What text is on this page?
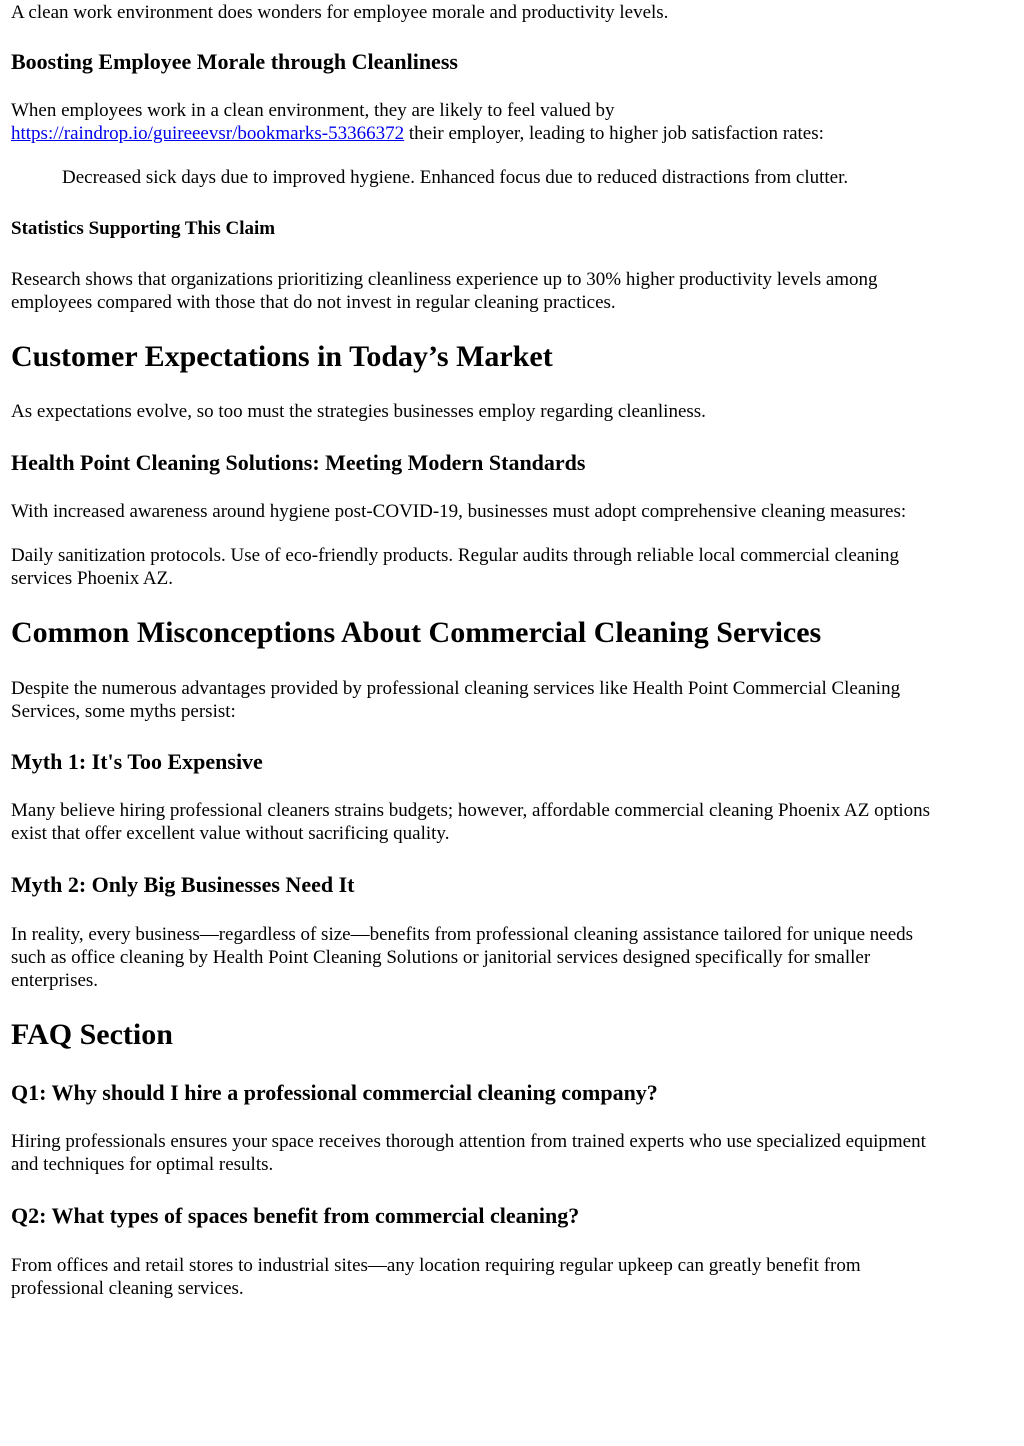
A clean work environment does wonders for employee morale and productivity levels.

Boosting Employee Morale through Cleanliness

When employees work in a clean environment, they are likely to feel valued by

https://raindrop.io/guireeevsr/bookmarks-53366372 their employer, leading to higher job satisfaction rates:

Decreased sick days due to improved hygiene. Enhanced focus due to reduced distractions from clutter.

Statistics Supporting This Claim

Research shows that organizations prioritizing cleanliness experience up to 30% higher productivity levels among

employees compared with those that do not invest in regular cleaning practices.

Customer Expectations in Today’s Market

As expectations evolve, so too must the strategies businesses employ regarding cleanliness.

Health Point Cleaning Solutions: Meeting Modern Standards

With increased awareness around hygiene post-COVID-19, businesses must adopt comprehensive cleaning measures:

Daily sanitization protocols. Use of eco-friendly products. Regular audits through reliable local commercial cleaning

services Phoenix AZ.

Common Misconceptions About Commercial Cleaning Services

Despite the numerous advantages provided by professional cleaning services like Health Point Commercial Cleaning

Services, some myths persist:

Myth 1: It's Too Expensive

Many believe hiring professional cleaners strains budgets; however, affordable commercial cleaning Phoenix AZ options

exist that offer excellent value without sacrificing quality.

Myth 2: Only Big Businesses Need It

In reality, every business—regardless of size—benefits from professional cleaning assistance tailored for unique needs

such as office cleaning by Health Point Cleaning Solutions or janitorial services designed specifically for smaller

enterprises.

FAQ Section
Q1: Why should I hire a professional commercial cleaning company?

Hiring professionals ensures your space receives thorough attention from trained experts who use specialized equipment

and techniques for optimal results.

Q2: What types of spaces benefit from commercial cleaning?

From offices and retail stores to industrial sites—any location requiring regular upkeep can greatly benefit from

professional cleaning services.
